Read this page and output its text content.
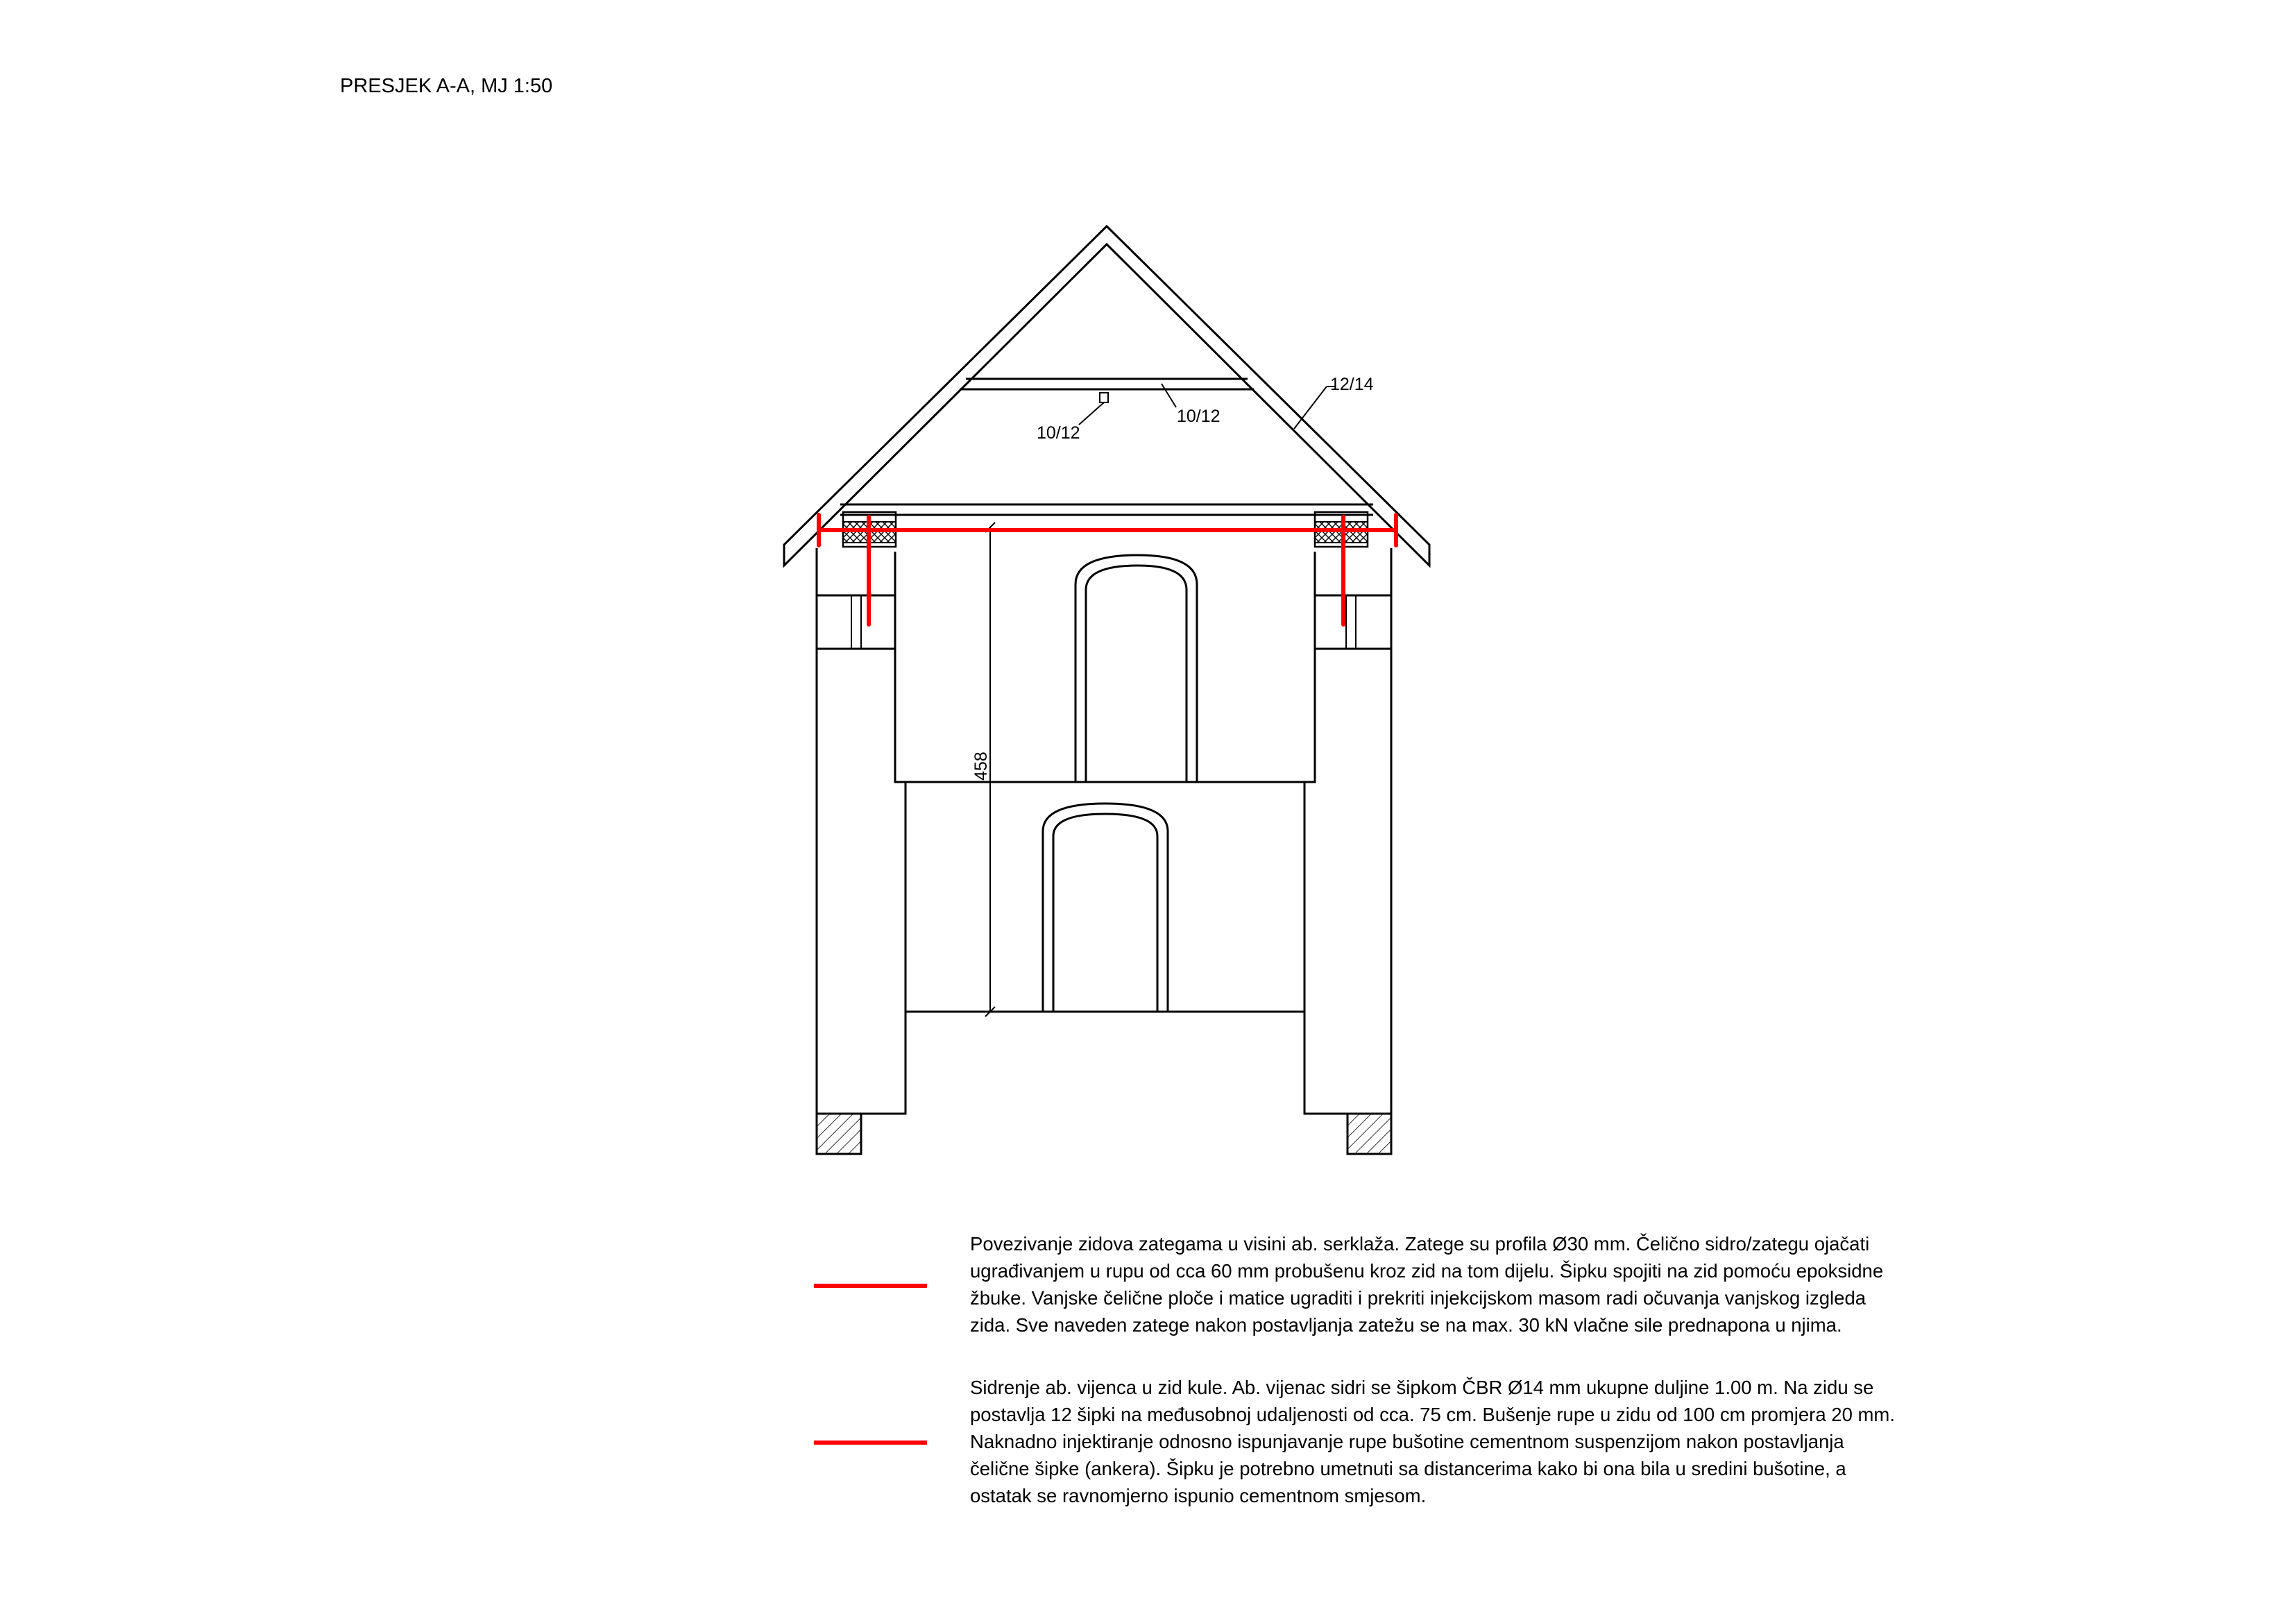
PRESJEK A-A, MJ 1:50
12/14
10/12
10/12
458

Povezivanje zidova zategama u visini ab. serklaža. Zatege su profila Ø30 mm. Čelično sidro/zategu ojačati
ugrađivanjem u rupu od cca 60 mm probušenu kroz zid na tom dijelu. Šipku spojiti na zid pomoću epoksidne
žbuke. Vanjske čelične ploče i matice ugraditi i prekriti injekcijskom masom radi očuvanja vanjskog izgleda
zida. Sve naveden zatege nakon postavljanja zatežu se na max. 30 kN vlačne sile prednapona u njima.

Sidrenje ab. vijenca u zid kule. Ab. vijenac sidri se šipkom ČBR Ø14 mm ukupne duljine 1.00 m. Na zidu se
postavlja 12 šipki na međusobnoj udaljenosti od cca. 75 cm. Bušenje rupe u zidu od 100 cm promjera 20 mm.
Naknadno injektiranje odnosno ispunjavanje rupe bušotine cementnom suspenzijom nakon postavljanja
čelične šipke (ankera). Šipku je potrebno umetnuti sa distancerima kako bi ona bila u sredini bušotine, a
ostatak se ravnomjerno ispunio cementnom smjesom.
